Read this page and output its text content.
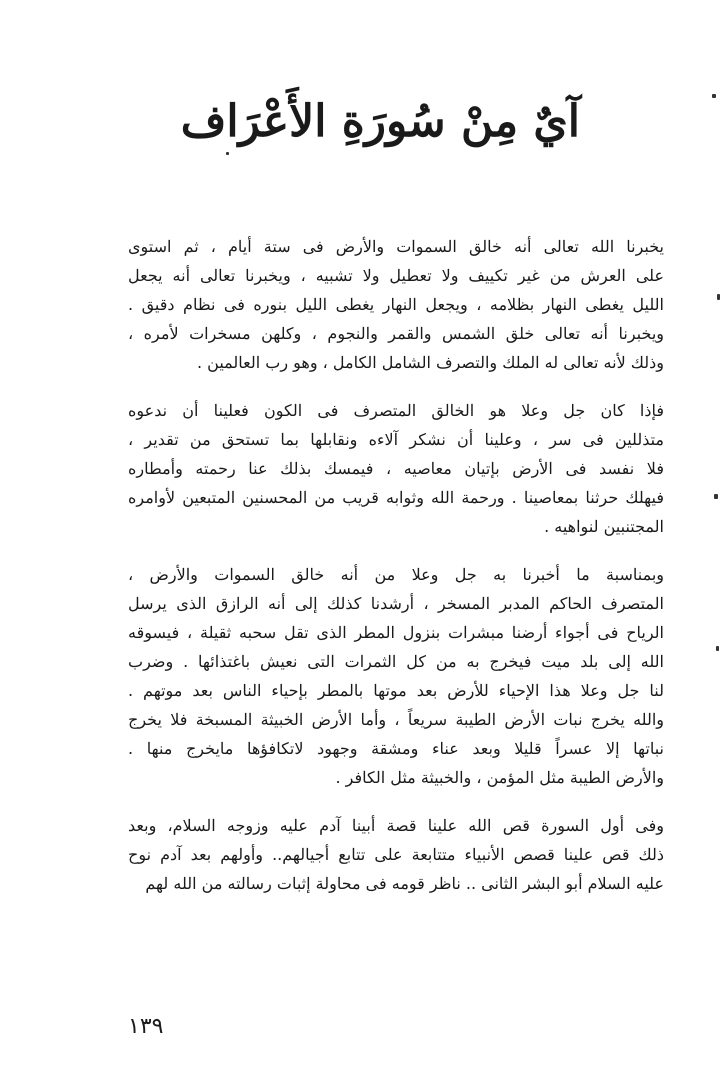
آيٌ مِنْ سُورَةِ الأَعْرَاف
يخبرنا الله تعالى أنه خالق السموات والأرض فى ستة أيام ، ثم استوى
على العرش من غير تكييف ولا تعطيل ولا تشبيه ، ويخبرنا تعالى أنه يجعل
الليل يغطى النهار بظلامه ، ويجعل النهار يغطى الليل بنوره فى نظام دقيق .
ويخبرنا أنه تعالى خلق الشمس والقمر والنجوم ، وكلهن مسخرات لأمره ،
وذلك لأنه تعالى له الملك والتصرف الشامل الكامل ، وهو رب العالمين .
فإذا كان جل وعلا هو الخالق المتصرف فى الكون فعلينا أن ندعوه
متذللين فى سر ، وعلينا أن نشكر آلاءه ونقابلها بما تستحق من تقدير ،
فلا نفسد فى الأرض بإتيان معاصيه ، فيمسك بذلك عنا رحمته وأمطاره
فيهلك حرثنا بمعاصينا . ورحمة الله وثوابه قريب من المحسنين المتبعين لأوامره
المجتنبين لنواهيه .
وبمناسبة ما أخبرنا به جل وعلا من أنه خالق السموات والأرض ،
المتصرف الحاكم المدبر المسخر ، أرشدنا كذلك إلى أنه الرازق الذى يرسل
الرياح فى أجواء أرضنا مبشرات بنزول المطر الذى تقل سحبه ثقيلة ، فيسوقه
الله إلى بلد ميت فيخرج به من كل الثمرات التى نعيش باغتذائها . وضرب
لنا جل وعلا هذا الإحياء للأرض بعد موتها بالمطر بإحياء الناس بعد موتهم .
والله يخرج نبات الأرض الطيبة سريعاً ، وأما الأرض الخبيثة المسبخة فلا يخرج
نباتها إلا عسراً قليلا وبعد عناء ومشقة وجهود لاتكافؤها مايخرج منها .
والأرض الطيبة مثل المؤمن ، والخبيثة مثل الكافر .
وفى أول السورة قص الله علينا قصة أبينا آدم عليه وزوجه السلام، وبعد
ذلك قص علينا قصص الأنبياء متتابعة على تتابع أجيالهم.. وأولهم بعد آدم نوح
عليه السلام أبو البشر الثانى .. ناظر قومه فى محاولة إثبات رسالته من الله لهم
١٣٩
